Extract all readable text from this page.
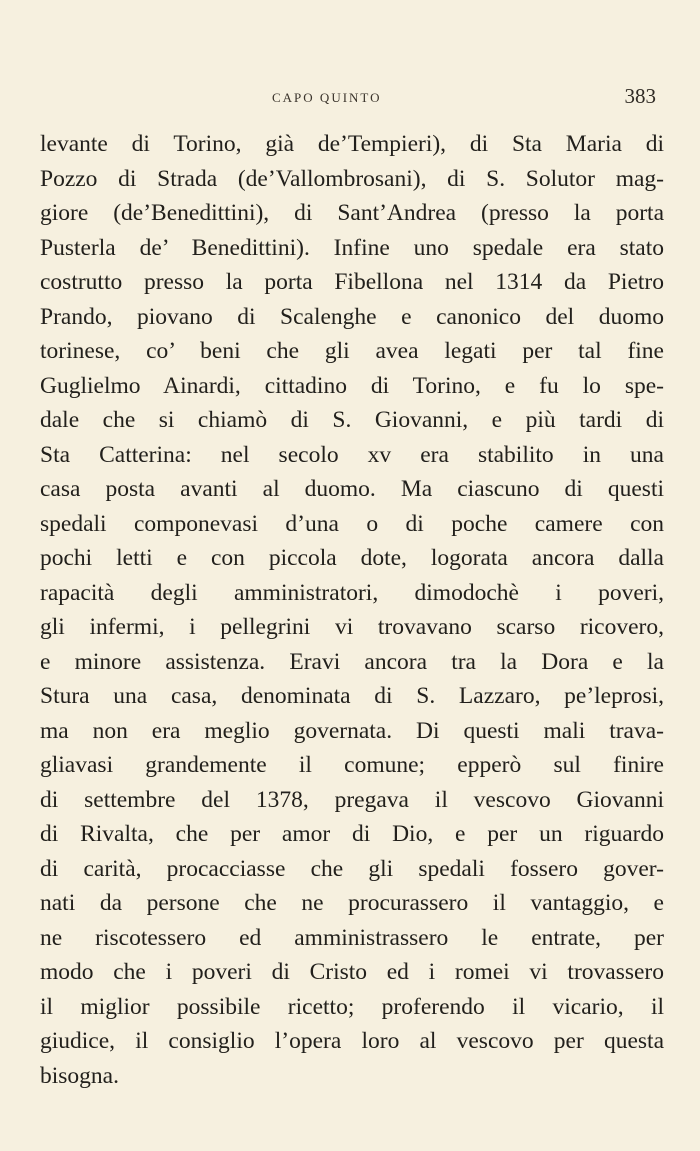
CAPO QUINTO	383
levante di Torino, già de’Tempieri), di Sta Maria di
Pozzo di Strada (de’Vallombrosani), di S. Solutor mag-
giore (de’Benedittini), di Sant’Andrea (presso la porta
Pusterla de’ Benedittini). Infine uno spedale era stato
costrutto presso la porta Fibellona nel 1314 da Pietro
Prando, piovano di Scalenghe e canonico del duomo
torinese, co’ beni che gli avea legati per tal fine
Guglielmo Ainardi, cittadino di Torino, e fu lo spe-
dale che si chiamò di S. Giovanni, e più tardi di
Sta Catterina: nel secolo xv era stabilito in una
casa posta avanti al duomo. Ma ciascuno di questi
spedali componevasi d’una o di poche camere con
pochi letti e con piccola dote, logorata ancora dalla
rapacità degli amministratori, dimodochè i poveri,
gli infermi, i pellegrini vi trovavano scarso ricovero,
e minore assistenza. Eravi ancora tra la Dora e la
Stura una casa, denominata di S. Lazzaro, pe’leprosi,
ma non era meglio governata. Di questi mali trava-
gliavasi grandemente il comune; epperò sul finire
di settembre del 1378, pregava il vescovo Giovanni
di Rivalta, che per amor di Dio, e per un riguardo
di carità, procacciasse che gli spedali fossero gover-
nati da persone che ne procurassero il vantaggio, e
ne riscotessero ed amministrassero le entrate, per
modo che i poveri di Cristo ed i romei vi trovassero
il miglior possibile ricetto; proferendo il vicario, il
giudice, il consiglio l’opera loro al vescovo per questa
bisogna.
